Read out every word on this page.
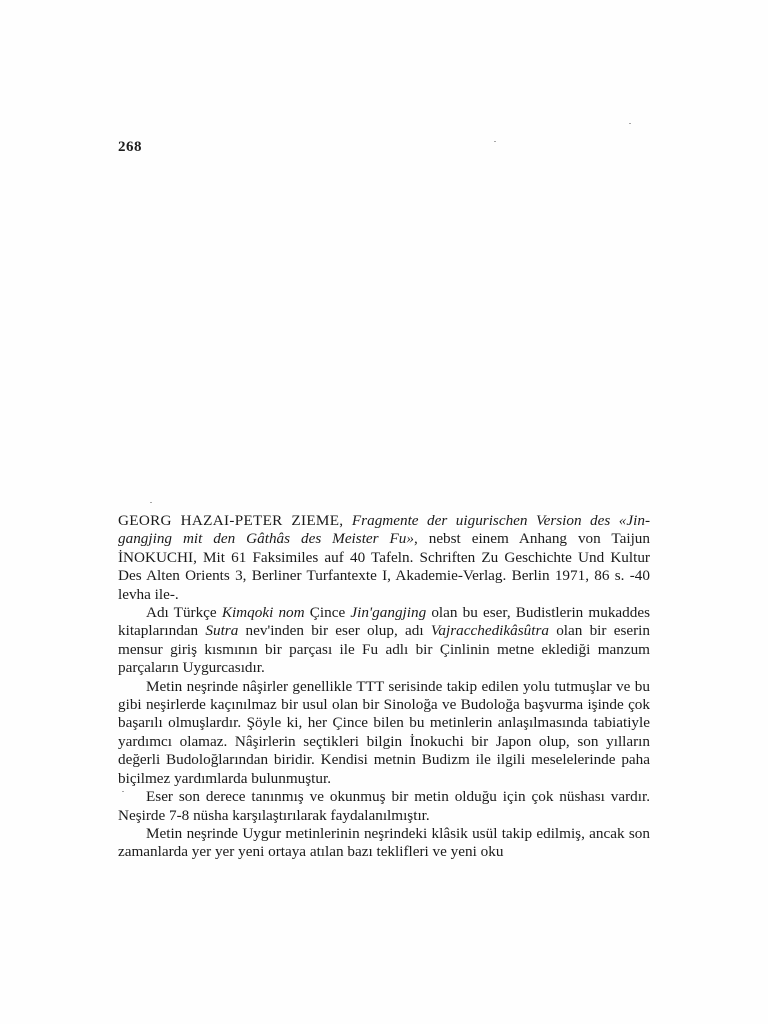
268

GEORG HAZAI-PETER ZIEME, Fragmente der uigurischen Version des «Jin-gangjing mit den Gâthâs des Meister Fu», nebst einem Anhang von Taijun İNOKUCHI, Mit 61 Faksimiles auf 40 Tafeln. Schriften Zu Geschichte Und Kultur Des Alten Orients 3, Berliner Turfantexte I, Akademie-Verlag. Berlin 1971, 86 s. -40 levha ile-.

Adı Türkçe Kimqoki nom Çince Jin'gangjing olan bu eser, Budistlerin mukaddes kitaplarından Sutra nev'inden bir eser olup, adı Vajracchedikâsûtra olan bir eserin mensur giriş kısmının bir parçası ile Fu adlı bir Çinlinin metne eklediği manzum parçaların Uygurcasıdır.

Metin neşrinde nâşirler genellikle TTT serisinde takip edilen yolu tutmuşlar ve bu gibi neşirlerde kaçınılmaz bir usul olan bir Sinoloğa ve Budoloğa başvurma işinde çok başarılı olmuşlardır. Şöyle ki, her Çince bilen bu metinlerin anlaşılmasında tabiatiyle yardımcı olamaz. Nâşirlerin seçtikleri bilgin İnokuchi bir Japon olup, son yılların değerli Budoloğlarından biridir. Kendisi metnin Budizm ile ilgili meselelerinde paha biçilmez yardımlarda bulunmuştur.

Eser son derece tanınmış ve okunmuş bir metin olduğu için çok nüshası vardır. Neşirde 7-8 nüsha karşılaştırılarak faydalanılmıştır.

Metin neşrinde Uygur metinlerinin neşrindeki klâsik usül takip edilmiş, ancak son zamanlarda yer yer yeni ortaya atılan bazı teklifleri ve yeni oku
